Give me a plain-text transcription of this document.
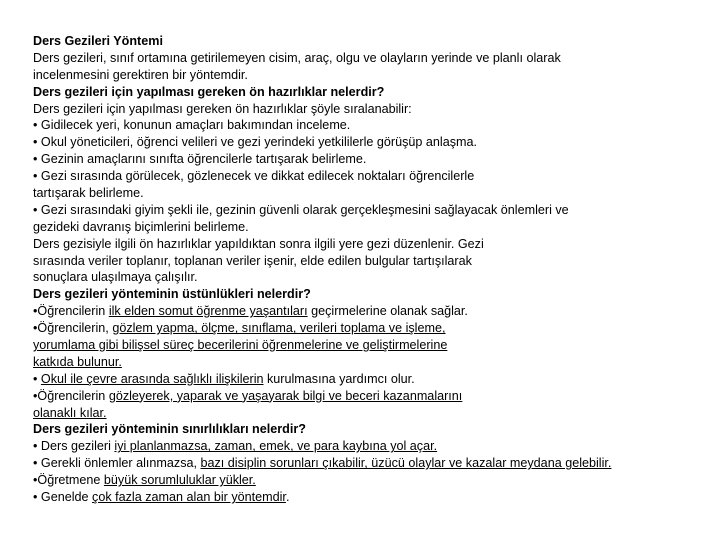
Ders Gezileri Yöntemi
Ders gezileri, sınıf ortamına getirilemeyen cisim, araç, olgu ve olayların yerinde ve planlı olarak
incelenmesini gerektiren bir yöntemdir.
Ders gezileri için yapılması gereken ön hazırlıklar nelerdir?
Ders gezileri için yapılması gereken ön hazırlıklar şöyle sıralanabilir:
• Gidilecek yeri, konunun amaçları bakımından inceleme.
• Okul yöneticileri, öğrenci velileri ve gezi yerindeki yetkililerle görüşüp anlaşma.
• Gezinin amaçlarını sınıfta öğrencilerle tartışarak belirleme.
• Gezi sırasında görülecek, gözlenecek ve dikkat edilecek noktaları öğrencilerle
tartışarak belirleme.
• Gezi sırasındaki giyim şekli ile, gezinin güvenli olarak gerçekleşmesini sağlayacak önlemleri ve
gezideki davranış biçimlerini belirleme.
Ders gezisiyle ilgili ön hazırlıklar yapıldıktan sonra ilgili yere gezi düzenlenir. Gezi
sırasında veriler toplanır, toplanan veriler işenir, elde edilen bulgular tartışılarak
sonuçlara ulaşılmaya çalışılır.
Ders gezileri yönteminin üstünlükleri nelerdir?
•Öğrencilerin ilk elden somut öğrenme yaşantıları geçirmelerine olanak sağlar.
•Öğrencilerin, gözlem yapma, ölçme, sınıflama, verileri toplama ve işleme,
yorumlama gibi bilişsel süreç becerilerini öğrenmelerine ve geliştirmelerine
katkıda bulunur.
• Okul ile çevre arasında sağlıklı ilişkilerin kurulmasına yardımcı olur.
•Öğrencilerin gözleyerek, yaparak ve yaşayarak bilgi ve beceri kazanmalarını
olanaklı kılar.
Ders gezileri yönteminin sınırlılıkları nelerdir?
• Ders gezileri iyi planlanmazsa, zaman, emek, ve para kaybına yol açar.
• Gerekli önlemler alınmazsa, bazı disiplin sorunları çıkabilir, üzücü olaylar ve kazalar meydana gelebilir.
•Öğretmene büyük sorumluluklar yükler.
• Genelde çok fazla zaman alan bir yöntemdir.
